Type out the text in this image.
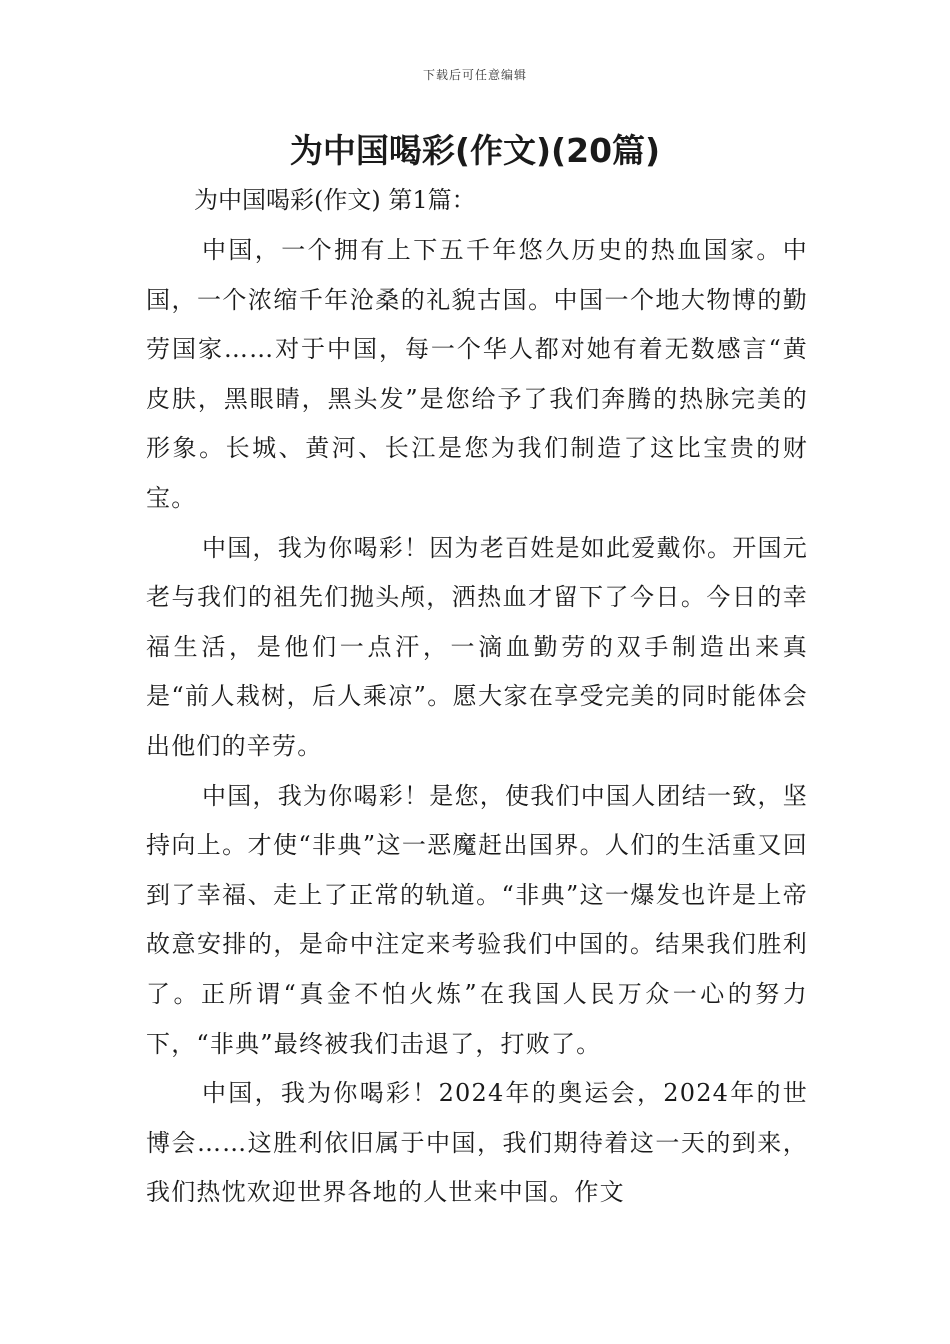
下载后可任意编辑
为中国喝彩(作文)(20篇)
为中国喝彩(作文) 第1篇：

中国，一个拥有上下五千年悠久历史的热血国家。中国，一个浓缩千年沧桑的礼貌古国。中国一个地大物博的勤劳国家……对于中国，每一个华人都对她有着无数感言“黄皮肤，黑眼睛，黑头发”是您给予了我们奔腾的热脉完美的形象。长城、黄河、长江是您为我们制造了这比宝贵的财宝。

中国，我为你喝彩！因为老百姓是如此爱戴你。开国元老与我们的祖先们抛头颅，洒热血才留下了今日。今日的幸福生活，是他们一点汗，一滴血勤劳的双手制造出来真是“前人栽树，后人乘凉”。愿大家在享受完美的同时能体会出他们的辛劳。

中国，我为你喝彩！是您，使我们中国人团结一致，坚持向上。才使“非典”这一恶魔赶出国界。人们的生活重又回到了幸福、走上了正常的轨道。“非典”这一爆发也许是上帝故意安排的，是命中注定来考验我们中国的。结果我们胜利了。正所谓“真金不怕火炼”在我国人民万众一心的努力下，“非典”最终被我们击退了，打败了。

中国，我为你喝彩！2024年的奥运会，2024年的世博会……这胜利依旧属于中国，我们期待着这一天的到来，我们热忱欢迎世界各地的人世来中国。作文
